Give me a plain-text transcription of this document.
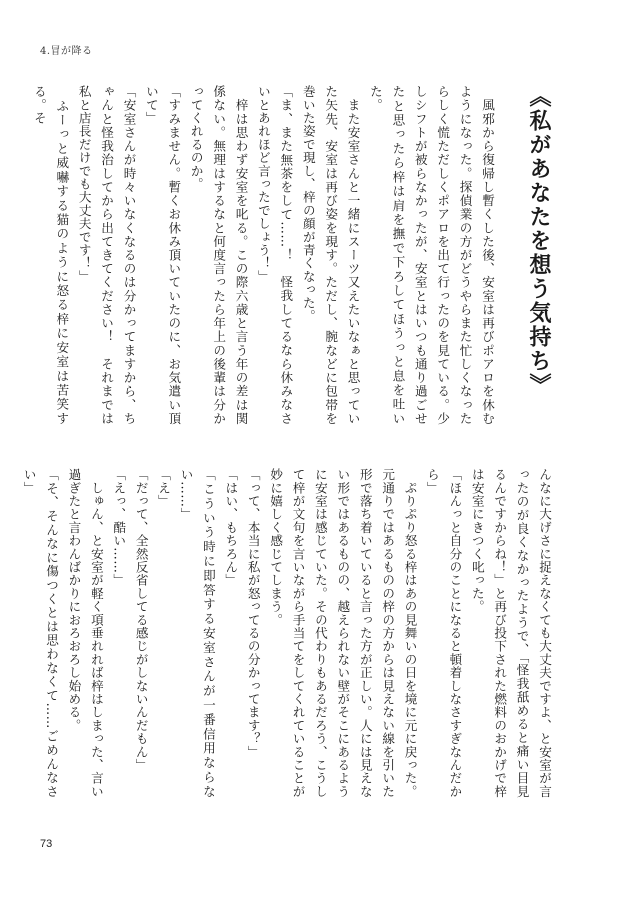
4.冒が降る
《私があなたを想う気持ち》

　風邪から復帰し暫くした後、安室は再びポアロを休むようになった。探偵業の方がどうやらまた忙しくなったらしく慌ただしくポアロを出て行ったのを見ている。少しシフトが被らなかったが、安室とはいつも通り過ごせたと思ったら梓は肩を撫で下ろしてほうっと息を吐いた。

　また安室さんと一緒にスーツ又えたいなぁと思っていた矢先、安室は再び姿を現す。ただし、腕などに包帯を巻いた姿で現し、梓の顔が青くなった。

「ま、また無茶をして……！　怪我してるなら休みなさいとあれほど言ったでしょう！」

　梓は思わず安室を叱る。この際六歳と言う年の差は関係ない。無理はするなと何度言ったら年上の後輩は分かってくれるのか。

「すみません。暫くお休み頂いていたのに、お気遣い頂いて」

「安室さんが時々いなくなるのは分かってますから、ちゃんと怪我治してから出てきてください！　それまでは私と店長だけでも大丈夫です！」

　ふーっと威嚇する猫のように怒る梓に安室は苦笑する。そ

んなに大げさに捉えなくても大丈夫ですよ、と安室が言ったのが良くなかったようで、「怪我舐めると痛い目見るんですからね！」と再び投下された燃料のおかげで梓は安室にきつく叱った。

「ほんっと自分のことになると頓着しなさすぎなんだから」

　ぷりぷり怒る梓はあの見舞いの日を境に元に戻った。元通りではあるものの梓の方からは見えない線を引いた形で落ち着いていると言った方が正しい。人には見えない形ではあるものの、越えられない壁がそこにあるように安室は感じていた。その代わりもあるだろう、こうして梓が文句を言いながら手当てをしてくれていることが妙に嬉しく感じてしまう。

「って、本当に私が怒ってるの分かってます？」

「はい、もちろん」

「こういう時に即答する安室さんが一番信用ならない……」

「え」

「だって、全然反省してる感じがしないんだもん」

「えっ、酷い……」

　しゅん、と安室が軽く項垂れれば梓はしまった、言い過ぎたと言わんばかりにおろおろし始める。

「そ、そんなに傷つくとは思わなくて……ごめんなさい」

73
